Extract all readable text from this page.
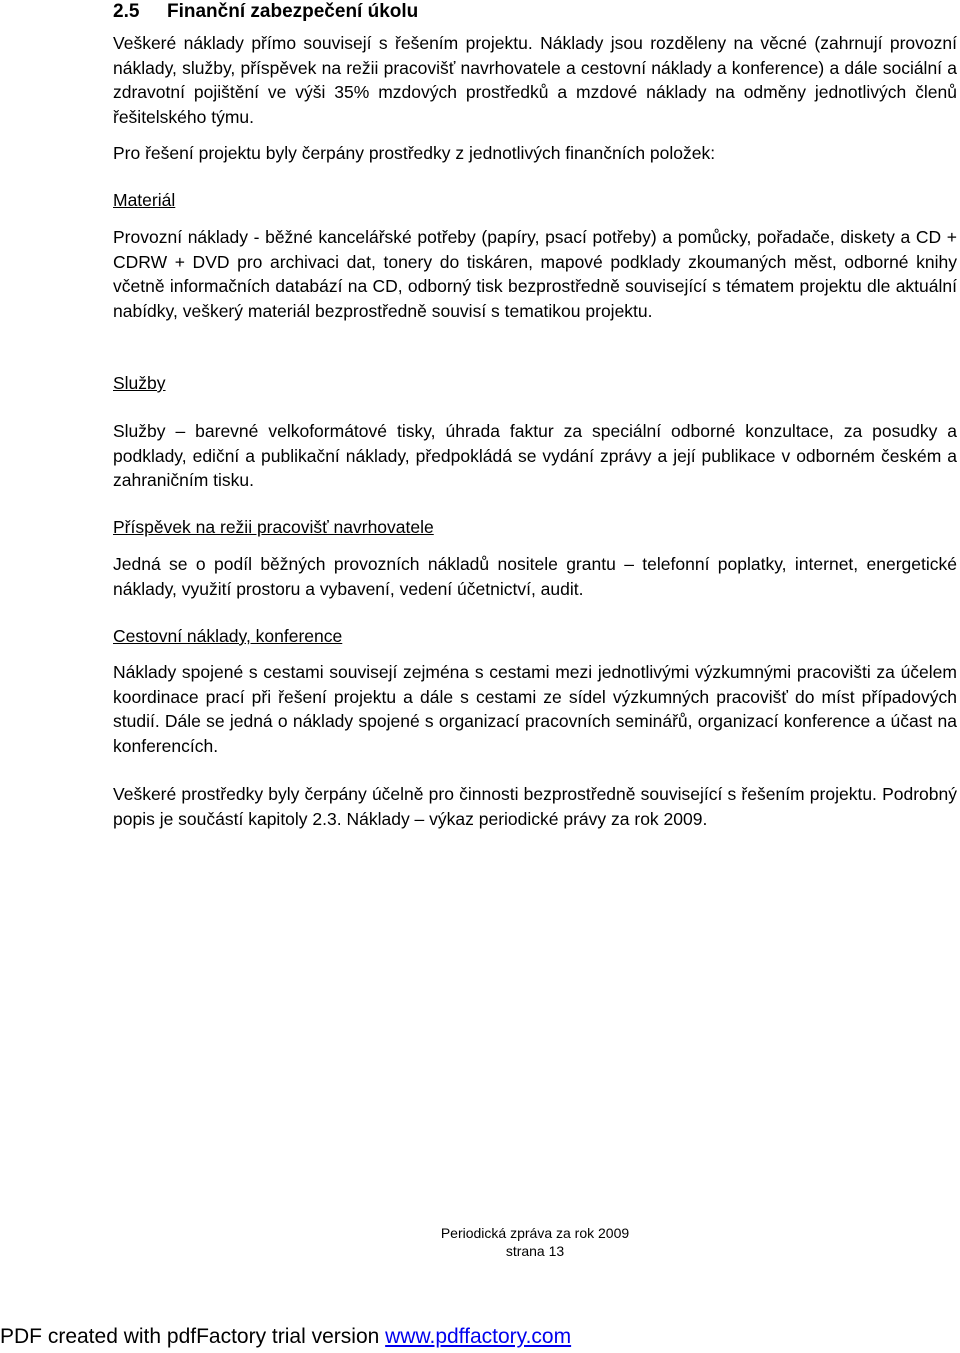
2.5 Finanční zabezpečení úkolu
Veškeré náklady přímo souvisejí s řešením projektu. Náklady jsou rozděleny na věcné (zahrnují provozní náklady, služby, příspěvek na režii pracovišť navrhovatele a cestovní náklady a konference) a dále sociální a zdravotní pojištění ve výši 35% mzdových prostředků a mzdové náklady na odměny jednotlivých členů řešitelského týmu.
Pro řešení projektu byly čerpány prostředky z jednotlivých finančních položek:
Materiál
Provozní náklady - běžné kancelářské potřeby (papíry, psací potřeby) a pomůcky, pořadače, diskety a CD + CDRW + DVD pro archivaci dat, tonery do tiskáren, mapové podklady zkoumaných měst, odborné knihy včetně informačních databází na CD, odborný tisk bezprostředně související s tématem projektu dle aktuální nabídky, veškerý materiál bezprostředně souvisí s tematikou projektu.
Služby
Služby – barevné velkoformátové tisky, úhrada faktur za speciální odborné konzultace, za posudky a podklady, ediční a publikační náklady, předpokládá se vydání zprávy a její publikace v odborném českém a zahraničním tisku.
Příspěvek na režii pracovišť navrhovatele
Jedná se o podíl běžných provozních nákladů nositele grantu – telefonní poplatky, internet, energetické náklady, využití prostoru a vybavení, vedení účetnictví, audit.
Cestovní náklady, konference
Náklady spojené s cestami souvisejí zejména s cestami mezi jednotlivými výzkumnými pracovišti za účelem koordinace prací při řešení projektu a dále s cestami ze sídel výzkumných pracovišť do míst případových studií. Dále se jedná o náklady spojené s organizací pracovních seminářů, organizací konference a účast na konferencích.
Veškeré prostředky byly čerpány účelně pro činnosti bezprostředně související s řešením projektu. Podrobný popis je součástí kapitoly 2.3. Náklady – výkaz periodické právy za rok 2009.
Periodická zpráva za rok 2009
strana 13
PDF created with pdfFactory trial version www.pdffactory.com
